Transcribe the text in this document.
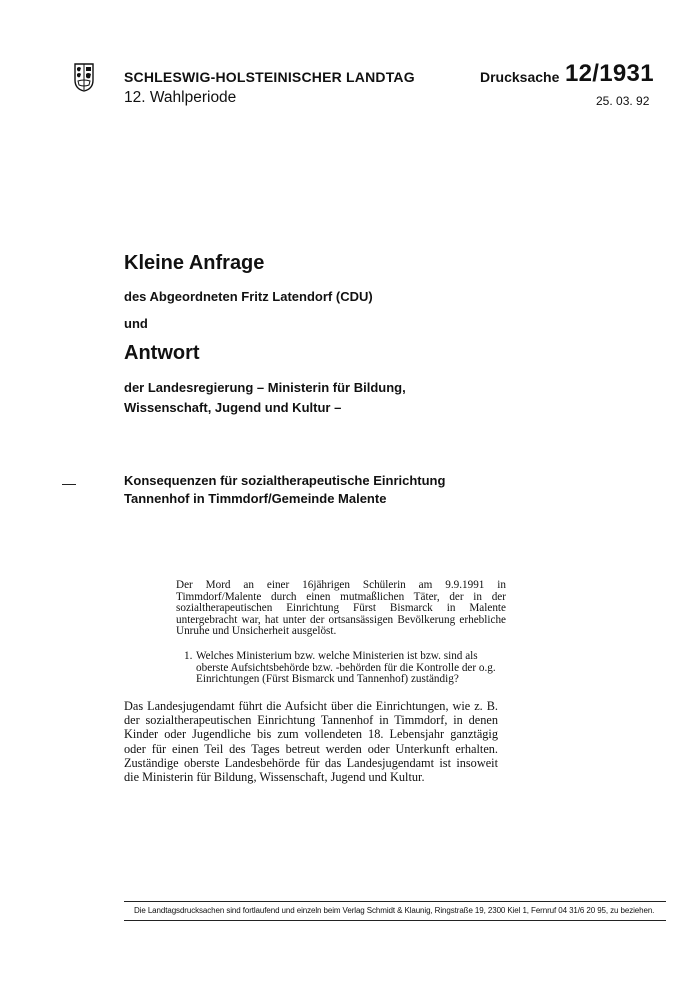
SCHLESWIG-HOLSTEINISCHER LANDTAG
12. Wahlperiode
Drucksache 12/1931
25. 03. 92
Kleine Anfrage
des Abgeordneten Fritz Latendorf (CDU)
und
Antwort
der Landesregierung – Ministerin für Bildung,
Wissenschaft, Jugend und Kultur –
Konsequenzen für sozialtherapeutische Einrichtung
Tannenhof in Timmdorf/Gemeinde Malente
Der Mord an einer 16jährigen Schülerin am 9.9.1991 in Timmdorf/Malente durch einen mutmaßlichen Täter, der in der sozialtherapeutischen Einrichtung Fürst Bismarck in Malente untergebracht war, hat unter der ortsansässigen Bevölkerung erhebliche Unruhe und Unsicherheit ausgelöst.
1. Welches Ministerium bzw. welche Ministerien ist bzw. sind als oberste Aufsichtsbehörde bzw. -behörden für die Kontrolle der o.g. Einrichtungen (Fürst Bismarck und Tannenhof) zuständig?
Das Landesjugendamt führt die Aufsicht über die Einrichtungen, wie z. B. der sozialtherapeutischen Einrichtung Tannenhof in Timmdorf, in denen Kinder oder Jugendliche bis zum vollendeten 18. Lebensjahr ganztägig oder für einen Teil des Tages betreut werden oder Unterkunft erhalten. Zuständige oberste Landesbehörde für das Landesjugendamt ist insoweit die Ministerin für Bildung, Wissenschaft, Jugend und Kultur.
Die Landtagsdrucksachen sind fortlaufend und einzeln beim Verlag Schmidt & Klaunig, Ringstraße 19, 2300 Kiel 1, Fernruf 04 31/6 20 95, zu beziehen.
